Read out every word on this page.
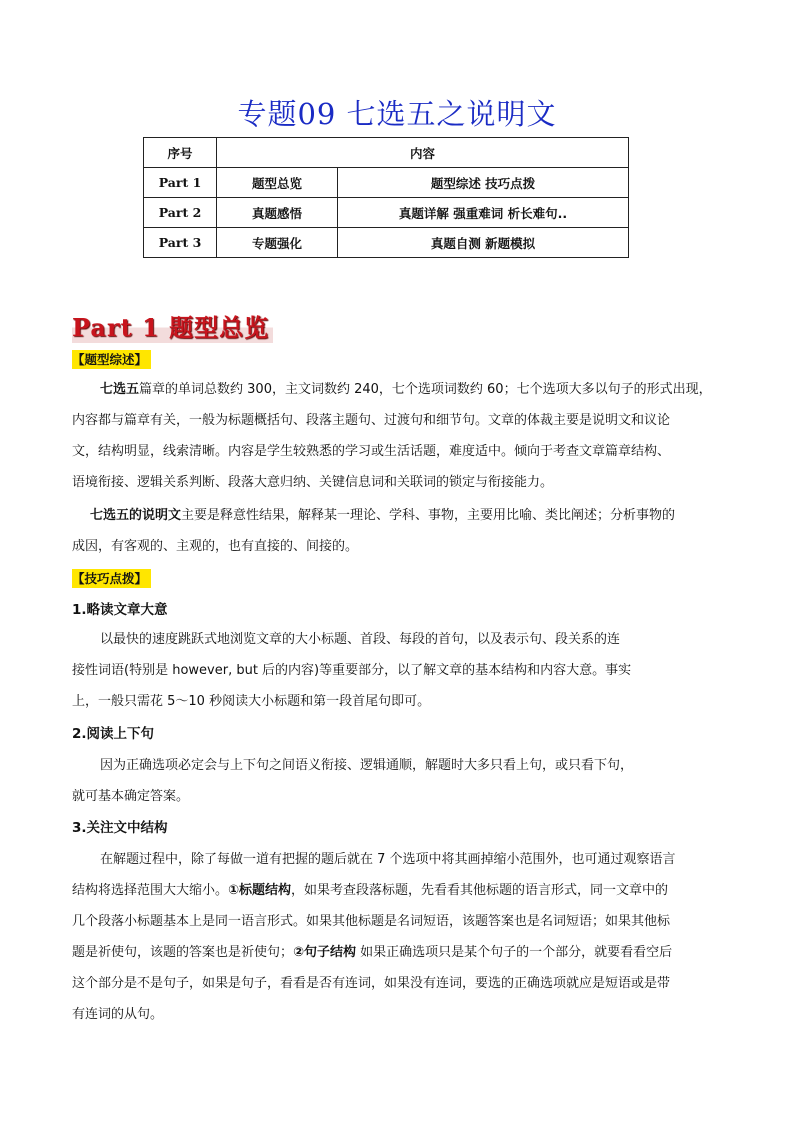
专题09 七选五之说明文
序号	内容	
Part 1	题型总览	题型综述 技巧点拨
Part 2	真题感悟	真题详解 强重难词 析长难句..
Part 3	专题强化	真题自测 新题模拟
Part 1 题型总览
【题型综述】
七选五篇章的单词总数约 300，主文词数约 240，七个选项词数约 60；七个选项大多以句子的形式出现，
内容都与篇章有关，一般为标题概括句、段落主题句、过渡句和细节句。文章的体裁主要是说明文和议论
文，结构明显，线索清晰。内容是学生较熟悉的学习或生活话题，难度适中。倾向于考查文章篇章结构、
语境衔接、逻辑关系判断、段落大意归纳、关键信息词和关联词的锁定与衔接能力。
七选五的说明文主要是释意性结果，解释某一理论、学科、事物，主要用比喻、类比阐述；分析事物的
成因，有客观的、主观的，也有直接的、间接的。
【技巧点拨】
1.略读文章大意
以最快的速度跳跃式地浏览文章的大小标题、首段、每段的首句，以及表示句、段关系的连
接性词语(特别是 however, but 后的内容)等重要部分，以了解文章的基本结构和内容大意。事实
上，一般只需花 5～10 秒阅读大小标题和第一段首尾句即可。
2.阅读上下句
因为正确选项必定会与上下句之间语义衔接、逻辑通顺，解题时大多只看上句，或只看下句，
就可基本确定答案。
3.关注文中结构
在解题过程中，除了每做一道有把握的题后就在 7 个选项中将其画掉缩小范围外，也可通过观察语言
结构将选择范围大大缩小。①标题结构，如果考查段落标题，先看看其他标题的语言形式，同一文章中的
几个段落小标题基本上是同一语言形式。如果其他标题是名词短语，该题答案也是名词短语；如果其他标
题是祈使句，该题的答案也是祈使句；②句子结构 如果正确选项只是某个句子的一个部分，就要看看空后
这个部分是不是句子，如果是句子，看看是否有连词，如果没有连词，要选的正确选项就应是短语或是带
有连词的从句。
